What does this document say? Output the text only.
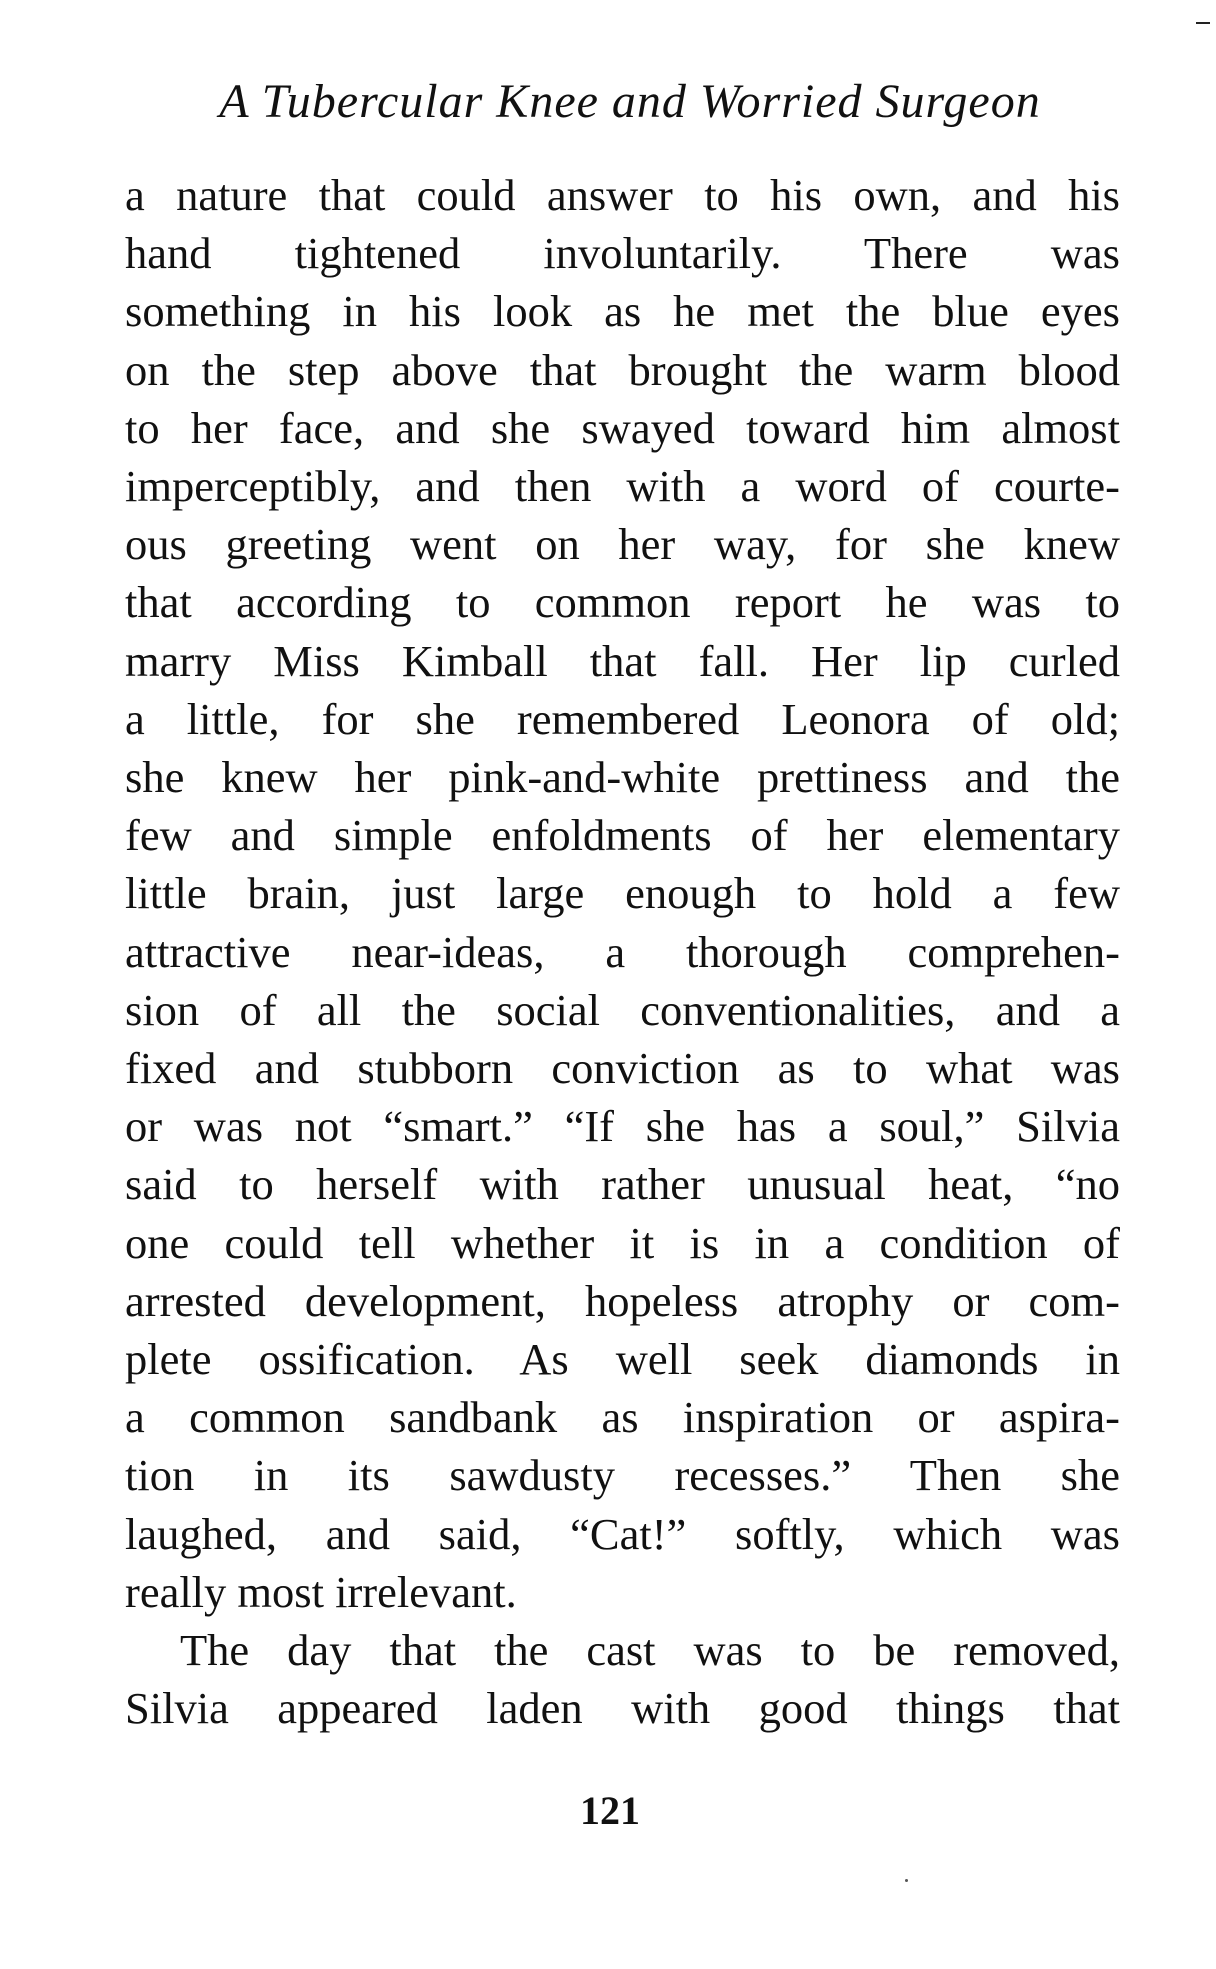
A Tubercular Knee and Worried Surgeon
a nature that could answer to his own, and his
hand tightened involuntarily. There was
something in his look as he met the blue eyes
on the step above that brought the warm blood
to her face, and she swayed toward him almost
imperceptibly, and then with a word of courte-
ous greeting went on her way, for she knew
that according to common report he was to
marry Miss Kimball that fall. Her lip curled
a little, for she remembered Leonora of old;
she knew her pink-and-white prettiness and the
few and simple enfoldments of her elementary
little brain, just large enough to hold a few
attractive near-ideas, a thorough comprehen-
sion of all the social conventionalities, and a
fixed and stubborn conviction as to what was
or was not “smart.” “If she has a soul,” Silvia
said to herself with rather unusual heat, “no
one could tell whether it is in a condition of
arrested development, hopeless atrophy or com-
plete ossification. As well seek diamonds in
a common sandbank as inspiration or aspira-
tion in its sawdusty recesses.” Then she
laughed, and said, “Cat!” softly, which was
really most irrelevant.
The day that the cast was to be removed,
Silvia appeared laden with good things that
121
